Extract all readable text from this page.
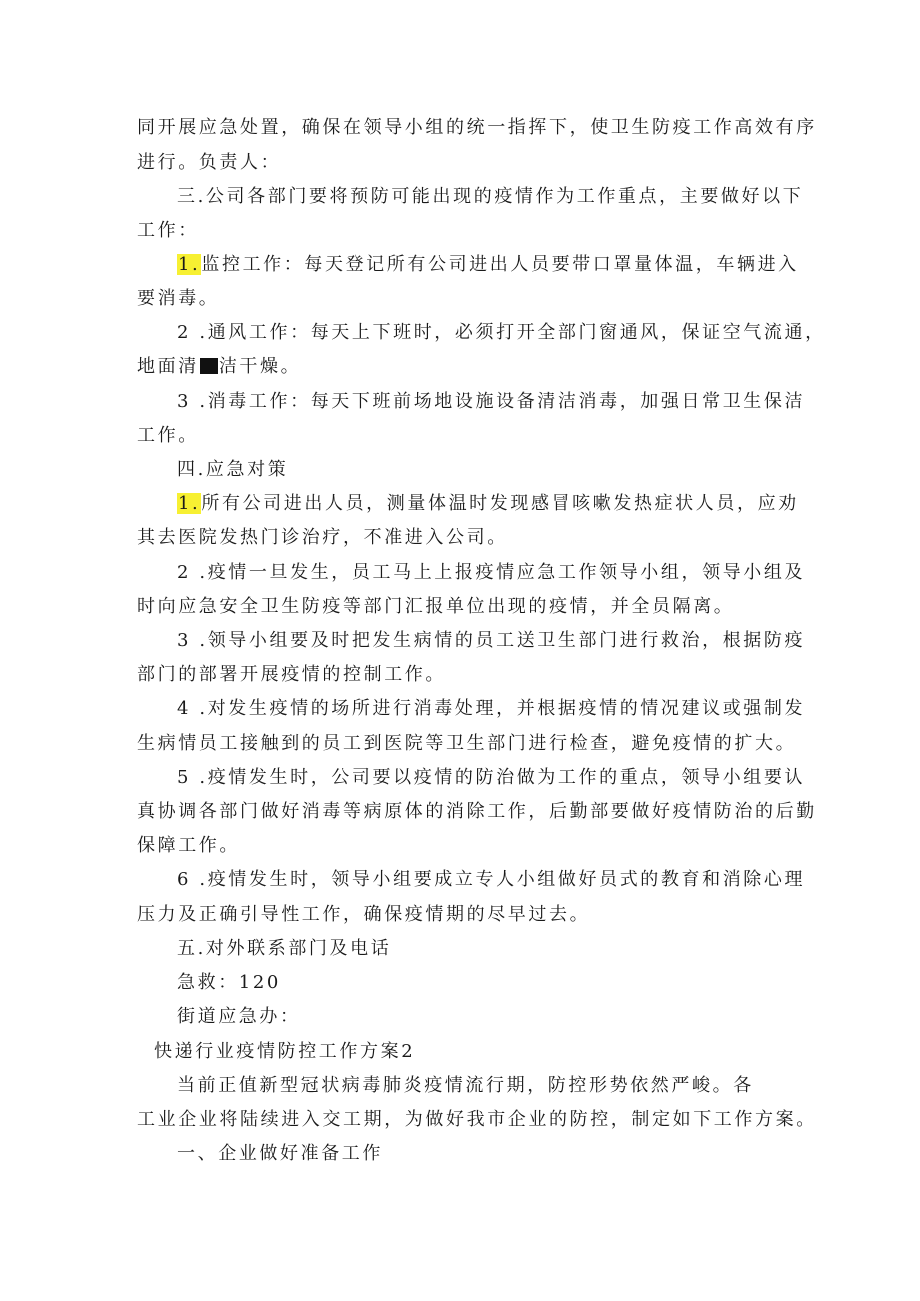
同开展应急处置，确保在领导小组的统一指挥下，使卫生防疫工作高效有序
进行。负责人：
三.公司各部门要将预防可能出现的疫情作为工作重点，主要做好以下
工作：
1.监控工作：每天登记所有公司进出人员要带口罩量体温，车辆进入
要消毒。
2 .通风工作：每天上下班时，必须打开全部门窗通风，保证空气流通，
地面清 洁干燥。
3 .消毒工作：每天下班前场地设施设备清洁消毒，加强日常卫生保洁
工作。
四.应急对策
1.所有公司进出人员，测量体温时发现感冒咳嗽发热症状人员，应劝
其去医院发热门诊治疗，不准进入公司。
2 .疫情一旦发生，员工马上上报疫情应急工作领导小组，领导小组及
时向应急安全卫生防疫等部门汇报单位出现的疫情，并全员隔离。
3 .领导小组要及时把发生病情的员工送卫生部门进行救治，根据防疫
部门的部署开展疫情的控制工作。
4 .对发生疫情的场所进行消毒处理，并根据疫情的情况建议或强制发
生病情员工接触到的员工到医院等卫生部门进行检查，避免疫情的扩大。
5 .疫情发生时，公司要以疫情的防治做为工作的重点，领导小组要认
真协调各部门做好消毒等病原体的消除工作，后勤部要做好疫情防治的后勤
保障工作。
6 .疫情发生时，领导小组要成立专人小组做好员式的教育和消除心理
压力及正确引导性工作，确保疫情期的尽早过去。
五.对外联系部门及电话
急救：120
街道应急办：
快递行业疫情防控工作方案2
当前正值新型冠状病毒肺炎疫情流行期，防控形势依然严峻。各
工业企业将陆续进入交工期，为做好我市企业的防控，制定如下工作方案。
一、企业做好准备工作
